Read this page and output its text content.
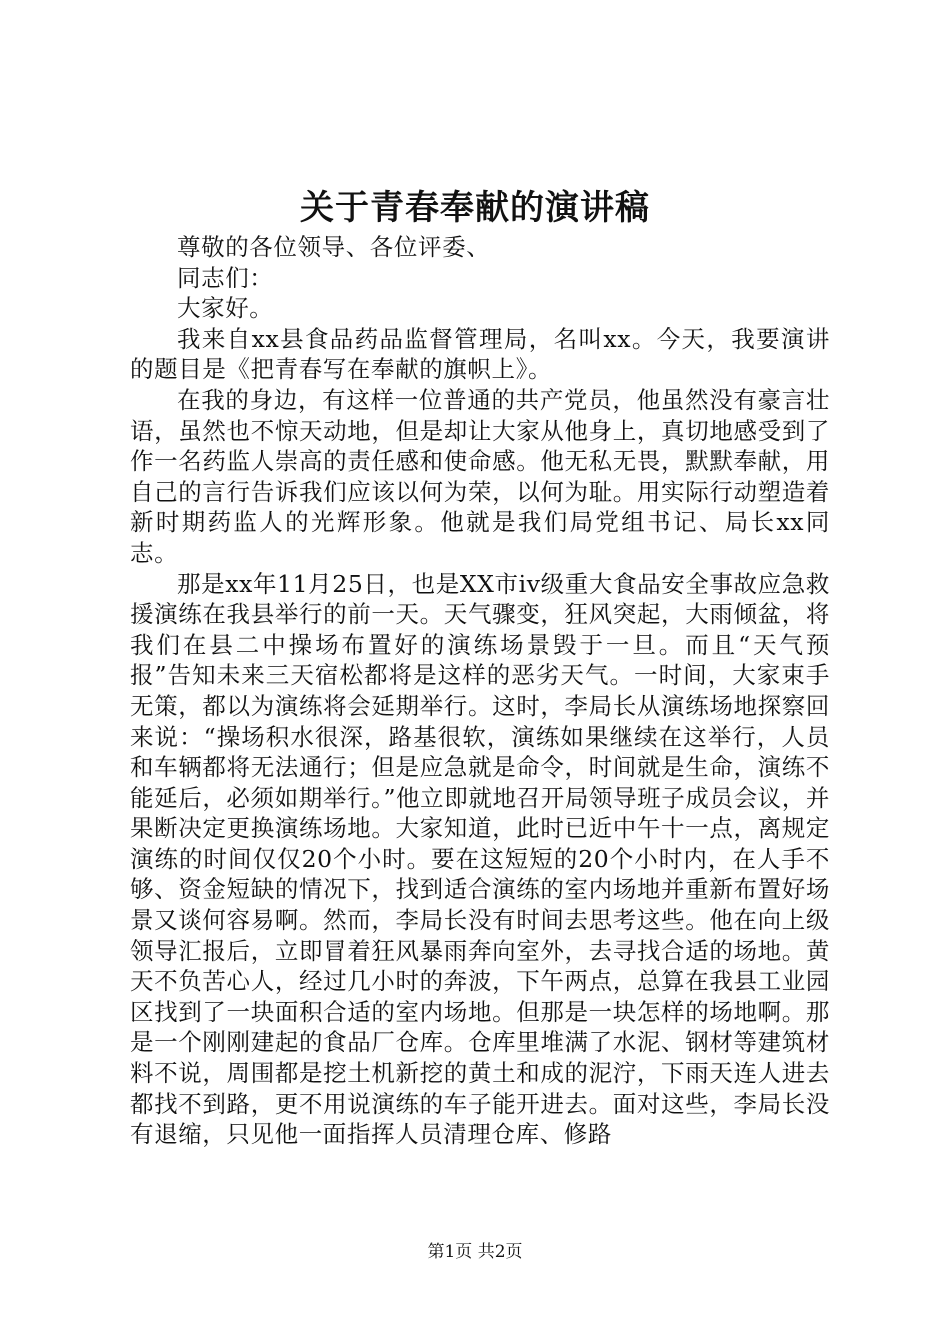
关于青春奉献的演讲稿

尊敬的各位领导、各位评委、

同志们：

大家好。

我来自xx县食品药品监督管理局，名叫xx。今天，我要演讲的题目是《把青春写在奉献的旗帜上》。

在我的身边，有这样一位普通的共产党员，他虽然没有豪言壮语，虽然也不惊天动地，但是却让大家从他身上，真切地感受到了作一名药监人崇高的责任感和使命感。他无私无畏，默默奉献，用自己的言行告诉我们应该以何为荣，以何为耻。用实际行动塑造着新时期药监人的光辉形象。他就是我们局党组书记、局长xx同志。

那是xx年11月25日，也是XX市iv级重大食品安全事故应急救援演练在我县举行的前一天。天气骤变，狂风突起，大雨倾盆，将我们在县二中操场布置好的演练场景毁于一旦。而且“天气预报”告知未来三天宿松都将是这样的恶劣天气。一时间，大家束手无策，都以为演练将会延期举行。这时，李局长从演练场地探察回来说：“操场积水很深，路基很软，演练如果继续在这举行，人员和车辆都将无法通行；但是应急就是命令，时间就是生命，演练不能延后，必须如期举行。”他立即就地召开局领导班子成员会议，并果断决定更换演练场地。大家知道，此时已近中午十一点，离规定演练的时间仅仅20个小时。要在这短短的20个小时内，在人手不够、资金短缺的情况下，找到适合演练的室内场地并重新布置好场景又谈何容易啊。然而，李局长没有时间去思考这些。他在向上级领导汇报后，立即冒着狂风暴雨奔向室外，去寻找合适的场地。黄天不负苦心人，经过几小时的奔波，下午两点，总算在我县工业园区找到了一块面积合适的室内场地。但那是一块怎样的场地啊。那是一个刚刚建起的食品厂仓库。仓库里堆满了水泥、钢材等建筑材料不说，周围都是挖土机新挖的黄土和成的泥泞，下雨天连人进去都找不到路，更不用说演练的车子能开进去。面对这些，李局长没有退缩，只见他一面指挥人员清理仓库、修路

第1页 共2页
